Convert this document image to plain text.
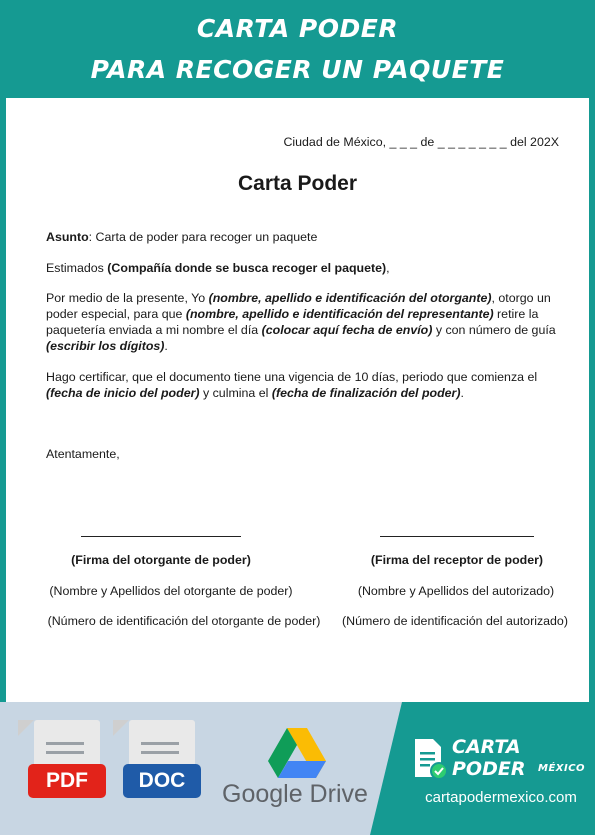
CARTA PODER
PARA RECOGER UN PAQUETE
Ciudad de México, _ _ _ de _ _ _ _ _ _ _ del 202X
Carta Poder
Asunto: Carta de poder para recoger un paquete
Estimados (Compañía donde se busca recoger el paquete),
Por medio de la presente, Yo (nombre, apellido e identificación del otorgante), otorgo un poder especial, para que (nombre, apellido e identificación del representante) retire la paquetería enviada a mi nombre el día (colocar aquí fecha de envío) y con número de guía (escribir los dígitos).
Hago certificar, que el documento tiene una vigencia de 10 días, periodo que comienza el (fecha de inicio del poder) y culmina el (fecha de finalización del poder).
Atentamente,
(Firma del otorgante de poder)	(Firma del receptor de poder)
(Nombre y Apellidos del otorgante de poder)	(Nombre y Apellidos del autorizado)
(Número de identificación del otorgante de poder)	(Número de identificación del autorizado)
PDF	DOC	Google Drive
CARTA PODER	MÉXICO
cartapodermexico.com
